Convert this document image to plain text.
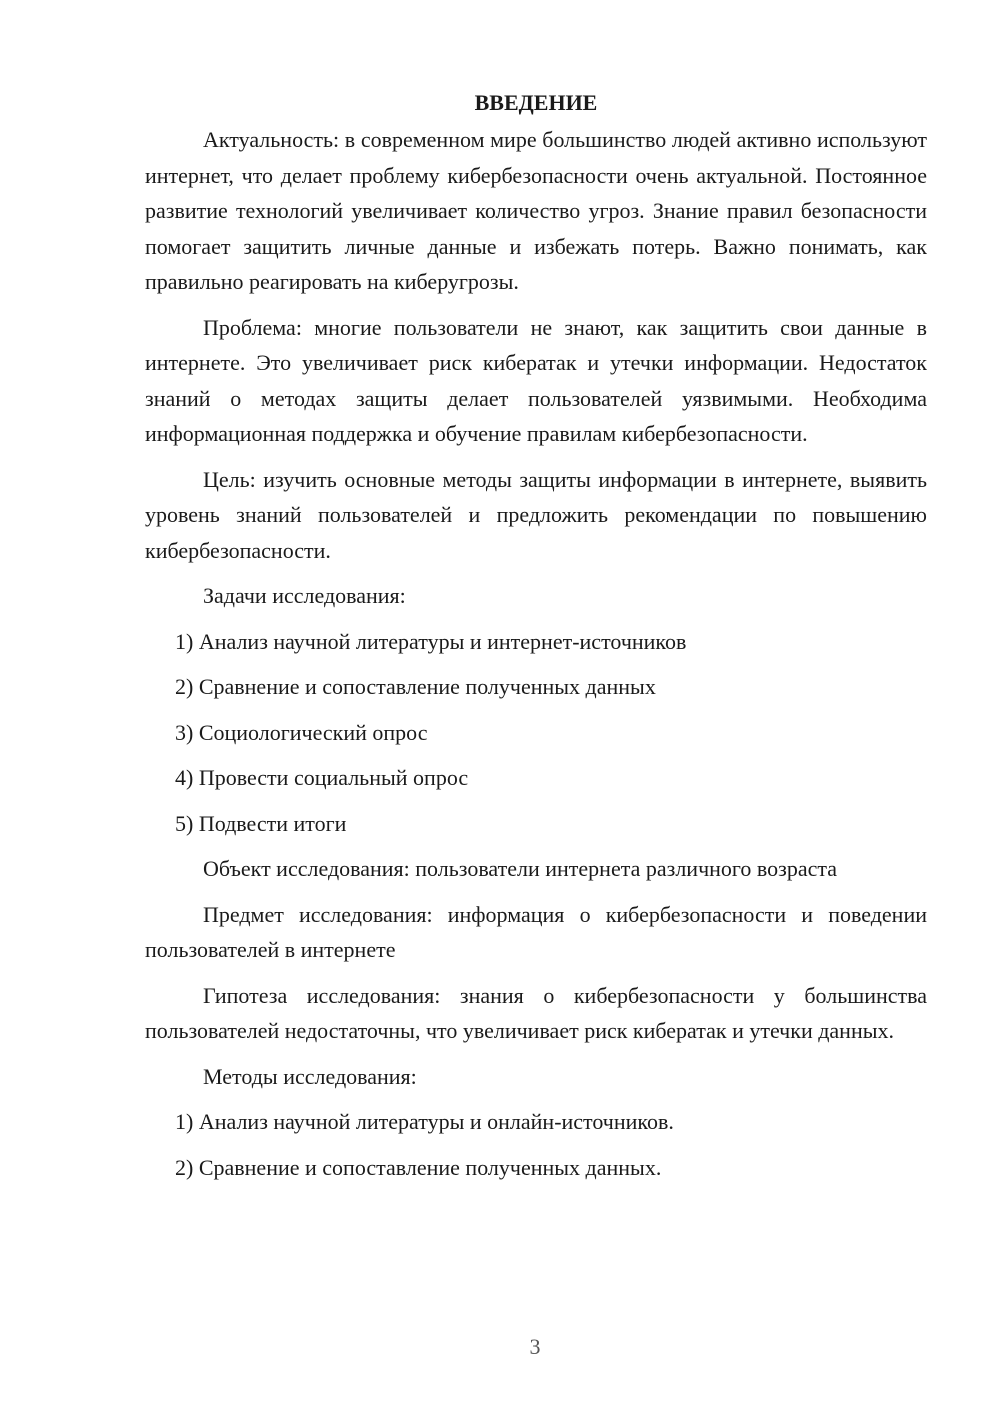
ВВЕДЕНИЕ

Актуальность: в современном мире большинство людей активно используют интернет, что делает проблему кибербезопасности очень актуальной. Постоянное развитие технологий увеличивает количество угроз. Знание правил безопасности помогает защитить личные данные и избежать потерь. Важно понимать, как правильно реагировать на киберугрозы.

Проблема: многие пользователи не знают, как защитить свои данные в интернете. Это увеличивает риск кибератак и утечки информации. Недостаток знаний о методах защиты делает пользователей уязвимыми. Необходима информационная поддержка и обучение правилам кибербезопасности.

Цель: изучить основные методы защиты информации в интернете, выявить уровень знаний пользователей и предложить рекомендации по повышению кибербезопасности.

Задачи исследования:

1) Анализ научной литературы и интернет-источников

2) Сравнение и сопоставление полученных данных

3) Социологический опрос

4) Провести социальный опрос

5) Подвести итоги

Объект исследования: пользователи интернета различного возраста

Предмет исследования: информация о кибербезопасности и поведении пользователей в интернете

Гипотеза исследования: знания о кибербезопасности у большинства пользователей недостаточны, что увеличивает риск кибератак и утечки данных.

Методы исследования:

1) Анализ научной литературы и онлайн-источников.

2) Сравнение и сопоставление полученных данных.

3
